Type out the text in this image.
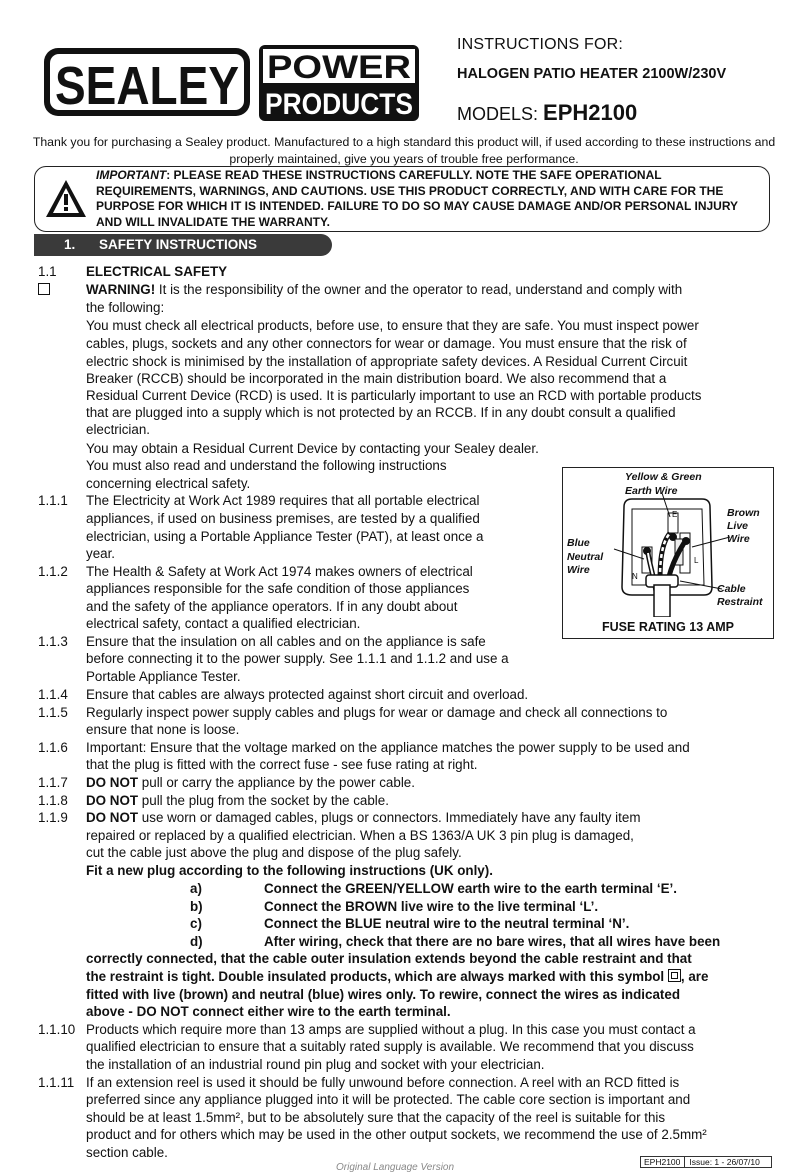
SEALEY POWER
PRODUCTS
INSTRUCTIONS FOR:
HALOGEN PATIO HEATER 2100W/230V
MODELS: EPH2100
Thank you for purchasing a Sealey product. Manufactured to a high standard this product will, if used according to these instructions and properly maintained, give you years of trouble free performance.
IMPORTANT: PLEASE READ THESE INSTRUCTIONS CAREFULLY. NOTE THE SAFE OPERATIONAL REQUIREMENTS, WARNINGS, AND CAUTIONS. USE THIS PRODUCT CORRECTLY, AND WITH CARE FOR THE PURPOSE FOR WHICH IT IS INTENDED. FAILURE TO DO SO MAY CAUSE DAMAGE AND/OR PERSONAL INJURY AND WILL INVALIDATE THE WARRANTY.
1. SAFETY INSTRUCTIONS
1.1 ELECTRICAL SAFETY
WARNING! It is the responsibility of the owner and the operator to read, understand and comply with
the following:
You must check all electrical products, before use, to ensure that they are safe. You must inspect power
cables, plugs, sockets and any other connectors for wear or damage. You must ensure that the risk of
electric shock is minimised by the installation of appropriate safety devices. A Residual Current Circuit
Breaker (RCCB) should be incorporated in the main distribution board. We also recommend that a
Residual Current Device (RCD) is used. It is particularly important to use an RCD with portable products
that are plugged into a supply which is not protected by an RCCB. If in any doubt consult a qualified
electrician.
You may obtain a Residual Current Device by contacting your Sealey dealer.
You must also read and understand the following instructions
concerning electrical safety.
1.1.1 The Electricity at Work Act 1989 requires that all portable electrical
appliances, if used on business premises, are tested by a qualified
electrician, using a Portable Appliance Tester (PAT), at least once a
year.
1.1.2 The Health & Safety at Work Act 1974 makes owners of electrical
appliances responsible for the safe condition of those appliances
and the safety of the appliance operators. If in any doubt about
electrical safety, contact a qualified electrician.
1.1.3 Ensure that the insulation on all cables and on the appliance is safe
before connecting it to the power supply. See 1.1.1 and 1.1.2 and use a
Portable Appliance Tester.
1.1.4 Ensure that cables are always protected against short circuit and overload.
1.1.5 Regularly inspect power supply cables and plugs for wear or damage and check all connections to
ensure that none is loose.
1.1.6 Important: Ensure that the voltage marked on the appliance matches the power supply to be used and
that the plug is fitted with the correct fuse - see fuse rating at right.
1.1.7 DO NOT pull or carry the appliance by the power cable.
1.1.8 DO NOT pull the plug from the socket by the cable.
1.1.9 DO NOT use worn or damaged cables, plugs or connectors. Immediately have any faulty item
repaired or replaced by a qualified electrician. When a BS 1363/A UK 3 pin plug is damaged,
cut the cable just above the plug and dispose of the plug safely.
Fit a new plug according to the following instructions (UK only).
a)	Connect the GREEN/YELLOW earth wire to the earth terminal ‘E’.
b)	Connect the BROWN live wire to the live terminal ‘L’.
c)	Connect the BLUE neutral wire to the neutral terminal ‘N’.
d)	After wiring, check that there are no bare wires, that all wires have been
correctly connected, that the cable outer insulation extends beyond the cable restraint and that
the restraint is tight. Double insulated products, which are always marked with this symbol , are
fitted with live (brown) and neutral (blue) wires only. To rewire, connect the wires as indicated
above - DO NOT connect either wire to the earth terminal.
1.1.10 Products which require more than 13 amps are supplied without a plug. In this case you must contact a
qualified electrician to ensure that a suitably rated supply is available. We recommend that you discuss
the installation of an industrial round pin plug and socket with your electrician.
1.1.11 If an extension reel is used it should be fully unwound before connection. A reel with an RCD fitted is
preferred since any appliance plugged into it will be protected. The cable core section is important and
should be at least 1.5mm², but to be absolutely sure that the capacity of the reel is suitable for this
product and for others which may be used in the other output sockets, we recommend the use of 2.5mm²
section cable.
E
L
N
Yellow & Green
Earth Wire
Brown
Live
Wire
Blue
Neutral
Wire
Cable
Restraint
FUSE RATING 13 AMP
Original Language Version	EPH2100 Issue: 1 - 26/07/10
